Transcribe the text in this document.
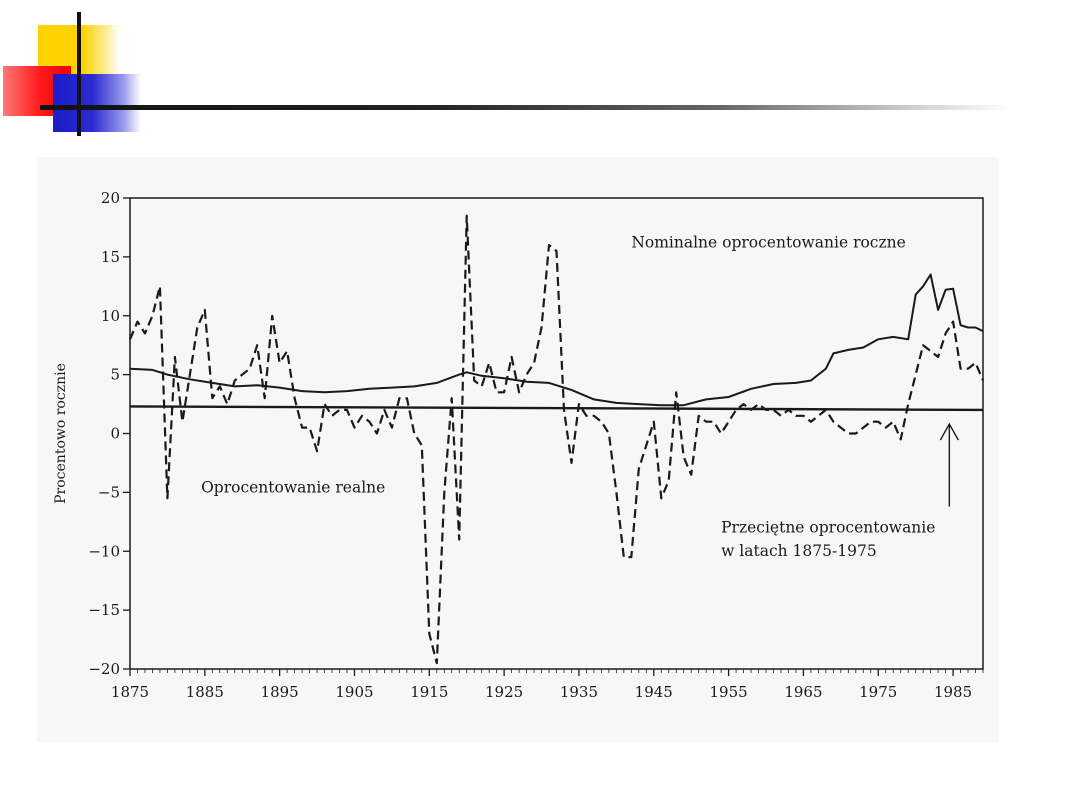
20
15
10
5
0
−5
−10
−15
−20
1875 1885 1895 1905 1915 1925 1935 1945 1955 1965 1975 1985
Procentowo rocznie
Nominalne oprocentowanie roczne
Oprocentowanie realne
Przeciętne oprocentowanie
w latach 1875-1975
